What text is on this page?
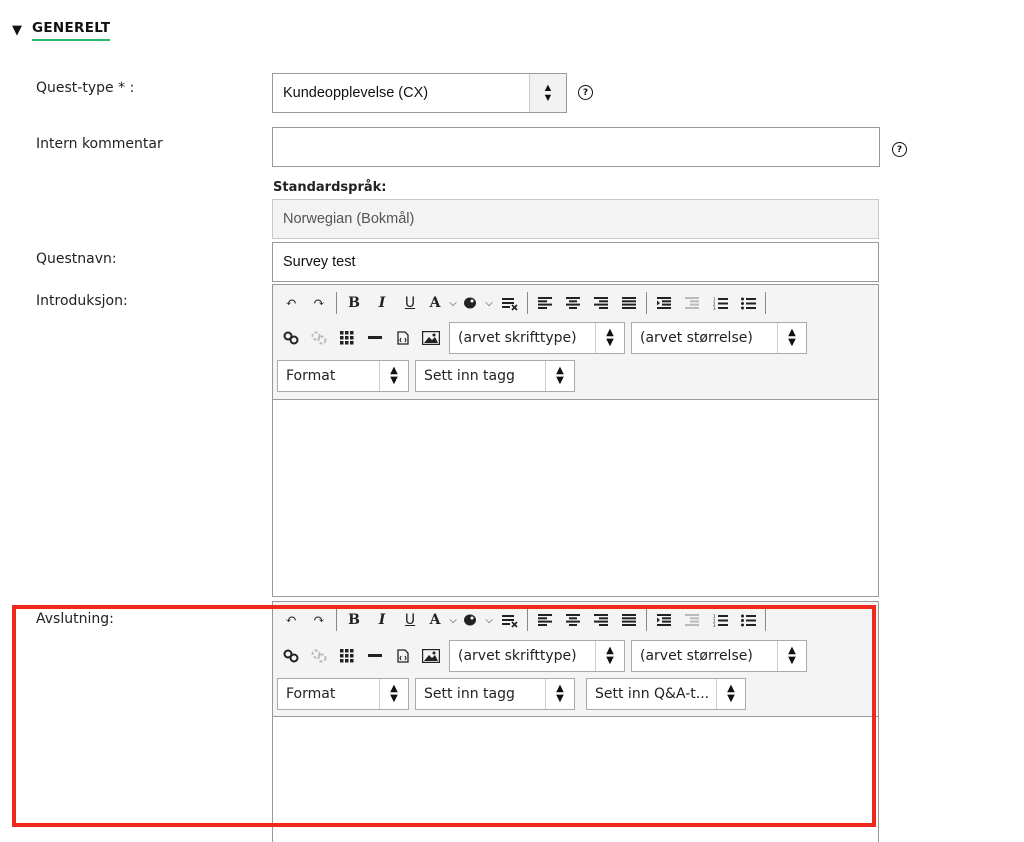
▼ GENERELT
Quest-type * :	Kundeopplevelse (CX)	▲
▼	?
Intern kommentar	?
Standardspråk:
Norwegian (Bokmål)
Questnavn:	Survey test
Introduksjon:	↶	↷	B	I	U	A ⌵	⌵	1
2
3
(arvet skrifttype)	▲
▼ (arvet størrelse)	▲
▼
Format	▲
▼ Sett inn tagg	▲
▼
Avslutning:	↶	↷	B	I	U	A ⌵	⌵	1
2
3
(arvet skrifttype)	▲
▼ (arvet størrelse)	▲
▼
Format	▲
▼ Sett inn tagg	▲
▼ Sett inn Q&A-t... ▲
▼
